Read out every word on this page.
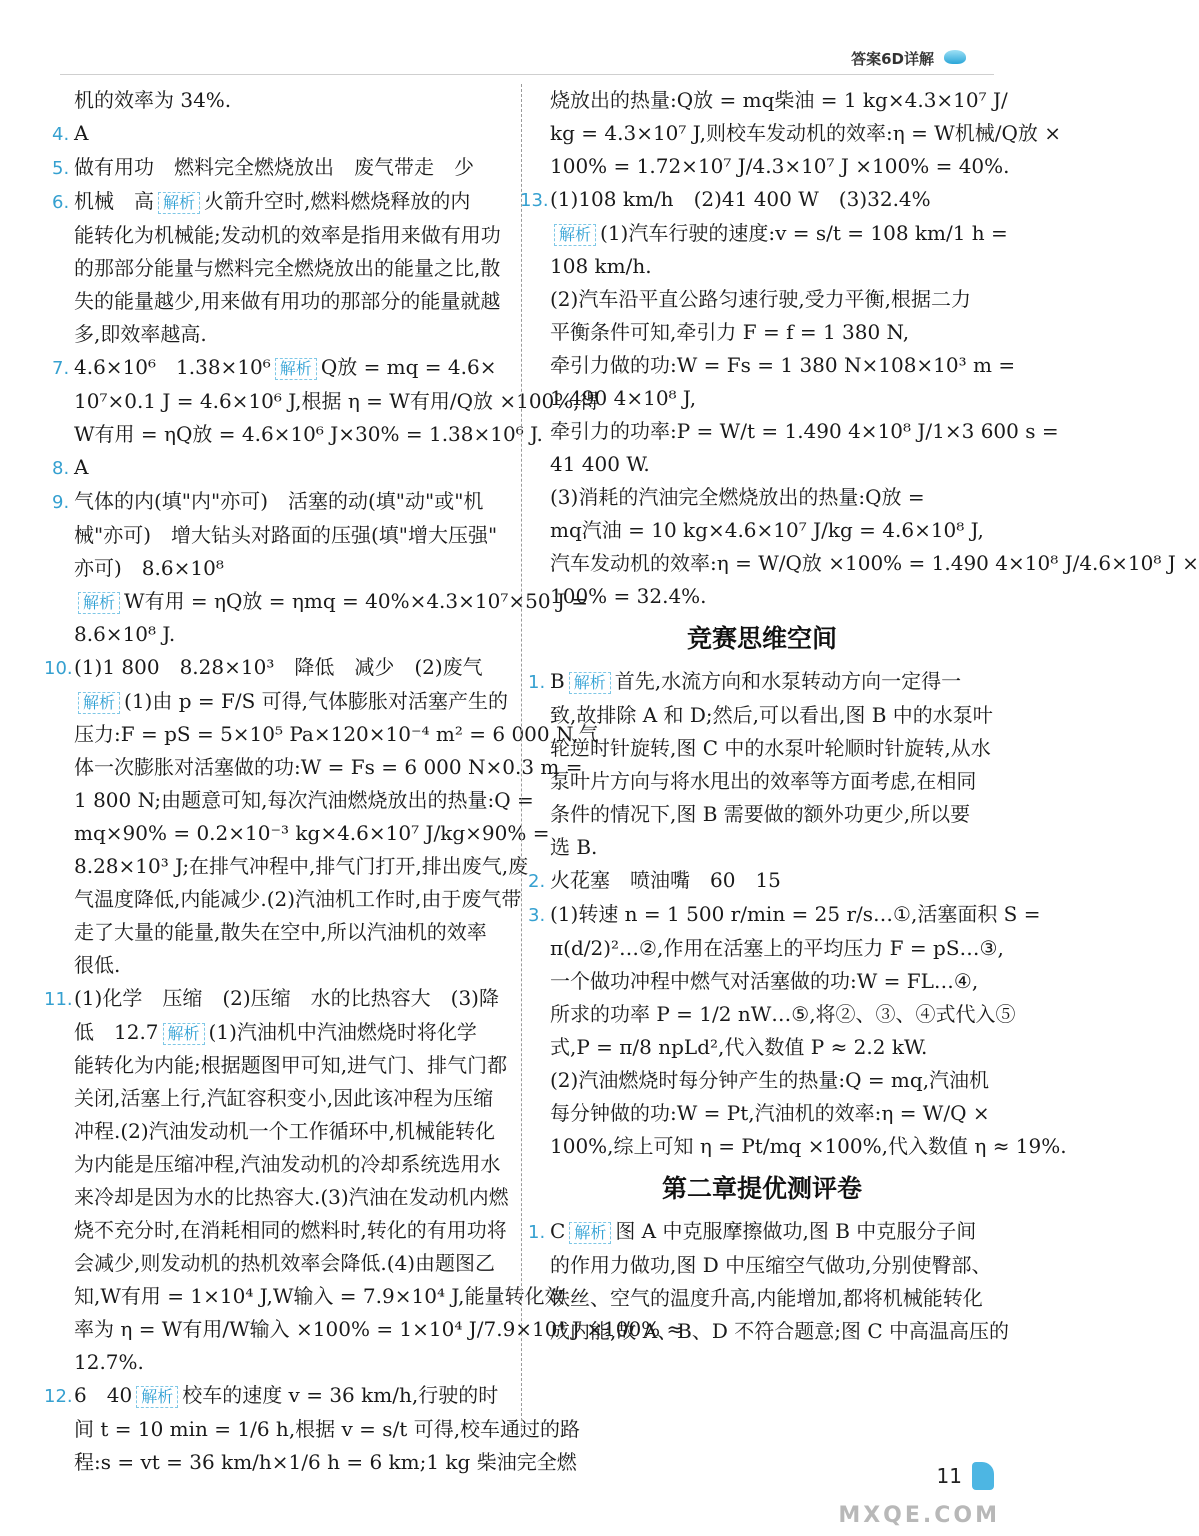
答案6D详解
机的效率为 34%.
4. A
5. 做有用功　燃料完全燃烧放出　废气带走　少
6. 机械　高 解析 火箭升空时,燃料燃烧释放的内
能转化为机械能;发动机的效率是指用来做有用功
的那部分能量与燃料完全燃烧放出的能量之比,散
失的能量越少,用来做有用功的那部分的能量就越
多,即效率越高.
7. 4.6×10⁶　1.38×10⁶ 解析 Q放 = mq = 4.6×
10⁷×0.1 J = 4.6×10⁶ J,根据 η = W有用/Q放 ×100%,得
W有用 = ηQ放 = 4.6×10⁶ J×30% = 1.38×10⁶ J.
8. A
9. 气体的内(填"内"亦可)　活塞的动(填"动"或"机
械"亦可)　增大钻头对路面的压强(填"增大压强"
亦可)　8.6×10⁸
解析 W有用 = ηQ放 = ηmq = 40%×4.3×10⁷×50 J =
8.6×10⁸ J.
10.(1)1 800　8.28×10³　降低　减少　(2)废气
解析 (1)由 p = F/S 可得,气体膨胀对活塞产生的
压力:F = pS = 5×10⁵ Pa×120×10⁻⁴ m² = 6 000 N,气
体一次膨胀对活塞做的功:W = Fs = 6 000 N×0.3 m =
1 800 N;由题意可知,每次汽油燃烧放出的热量:Q =
mq×90% = 0.2×10⁻³ kg×4.6×10⁷ J/kg×90% =
8.28×10³ J;在排气冲程中,排气门打开,排出废气,废
气温度降低,内能减少.(2)汽油机工作时,由于废气带
走了大量的能量,散失在空中,所以汽油机的效率
很低.
11.(1)化学　压缩　(2)压缩　水的比热容大　(3)降
低　12.7 解析 (1)汽油机中汽油燃烧时将化学
能转化为内能;根据题图甲可知,进气门、排气门都
关闭,活塞上行,汽缸容积变小,因此该冲程为压缩
冲程.(2)汽油发动机一个工作循环中,机械能转化
为内能是压缩冲程,汽油发动机的冷却系统选用水
来冷却是因为水的比热容大.(3)汽油在发动机内燃
烧不充分时,在消耗相同的燃料时,转化的有用功将
会减少,则发动机的热机效率会降低.(4)由题图乙
知,W有用 = 1×10⁴ J,W输入 = 7.9×10⁴ J,能量转化效
率为 η = W有用/W输入 ×100% = 1×10⁴ J/7.9×10⁴ J ×100% ≈
12.7%.
12.6　40 解析 校车的速度 v = 36 km/h,行驶的时
间 t = 10 min = 1/6 h,根据 v = s/t 可得,校车通过的路
程:s = vt = 36 km/h×1/6 h = 6 km;1 kg 柴油完全燃
烧放出的热量:Q放 = mq柴油 = 1 kg×4.3×10⁷ J/
kg = 4.3×10⁷ J,则校车发动机的效率:η = W机械/Q放 ×
100% = 1.72×10⁷ J/4.3×10⁷ J ×100% = 40%.
13.(1)108 km/h　(2)41 400 W　(3)32.4%
解析 (1)汽车行驶的速度:v = s/t = 108 km/1 h =
108 km/h.
(2)汽车沿平直公路匀速行驶,受力平衡,根据二力
平衡条件可知,牵引力 F = f = 1 380 N,
牵引力做的功:W = Fs = 1 380 N×108×10³ m =
1.490 4×10⁸ J,
牵引力的功率:P = W/t = 1.490 4×10⁸ J/1×3 600 s =
41 400 W.
(3)消耗的汽油完全燃烧放出的热量:Q放 =
mq汽油 = 10 kg×4.6×10⁷ J/kg = 4.6×10⁸ J,
汽车发动机的效率:η = W/Q放 ×100% = 1.490 4×10⁸ J/4.6×10⁸ J ×
100% = 32.4%.
竞赛思维空间
1. B 解析 首先,水流方向和水泵转动方向一定得一
致,故排除 A 和 D;然后,可以看出,图 B 中的水泵叶
轮逆时针旋转,图 C 中的水泵叶轮顺时针旋转,从水
泵叶片方向与将水甩出的效率等方面考虑,在相同
条件的情况下,图 B 需要做的额外功更少,所以要
选 B.
2. 火花塞　喷油嘴　60　15
3. (1)转速 n = 1 500 r/min = 25 r/s…①,活塞面积 S =
π(d/2)²…②,作用在活塞上的平均压力 F = pS…③,
一个做功冲程中燃气对活塞做的功:W = FL…④,
所求的功率 P = 1/2 nW…⑤,将②、③、④式代入⑤
式,P = π/8 npLd²,代入数值 P ≈ 2.2 kW.
(2)汽油燃烧时每分钟产生的热量:Q = mq,汽油机
每分钟做的功:W = Pt,汽油机的效率:η = W/Q ×
100%,综上可知 η = Pt/mq ×100%,代入数值 η ≈ 19%.
第二章提优测评卷
1. C 解析 图 A 中克服摩擦做功,图 B 中克服分子间
的作用力做功,图 D 中压缩空气做功,分别使臀部、
铁丝、空气的温度升高,内能增加,都将机械能转化
成内能,故 A、B、D 不符合题意;图 C 中高温高压的
11
MXQE.COM
